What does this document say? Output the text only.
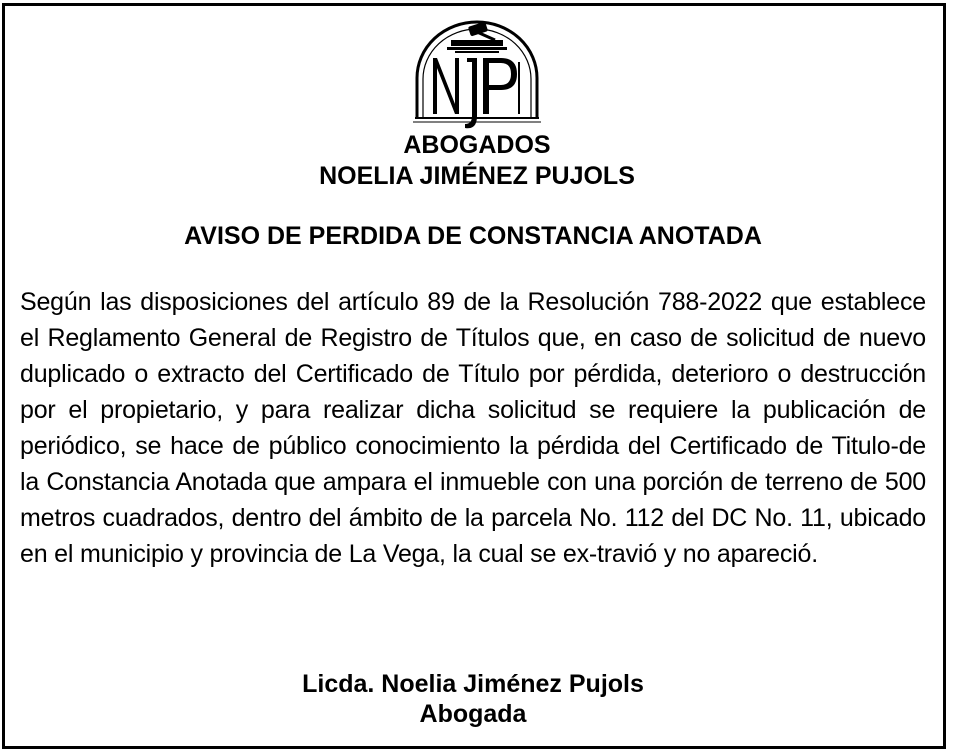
ABOGADOS
NOELIA JIMÉNEZ PUJOLS
AVISO DE PERDIDA DE CONSTANCIA ANOTADA

Según las disposiciones del artículo 89 de la Resolución 788-2022 que establece el Reglamento General de Registro de Títulos que, en caso de solicitud de nuevo duplicado o extracto del Certificado de Título por pérdida, deterioro o destrucción por el propietario, y para realizar dicha solicitud se requiere la publicación de periódico, se hace de público conocimiento la pérdida del Certificado de Titulo-de la Constancia Anotada que ampara el inmueble con una porción de terreno de 500 metros cuadrados, dentro del ámbito de la parcela No. 112 del DC No. 11, ubicado en el municipio y provincia de La Vega, la cual se ex-travió y no apareció.

Licda. Noelia Jiménez Pujols
Abogada
